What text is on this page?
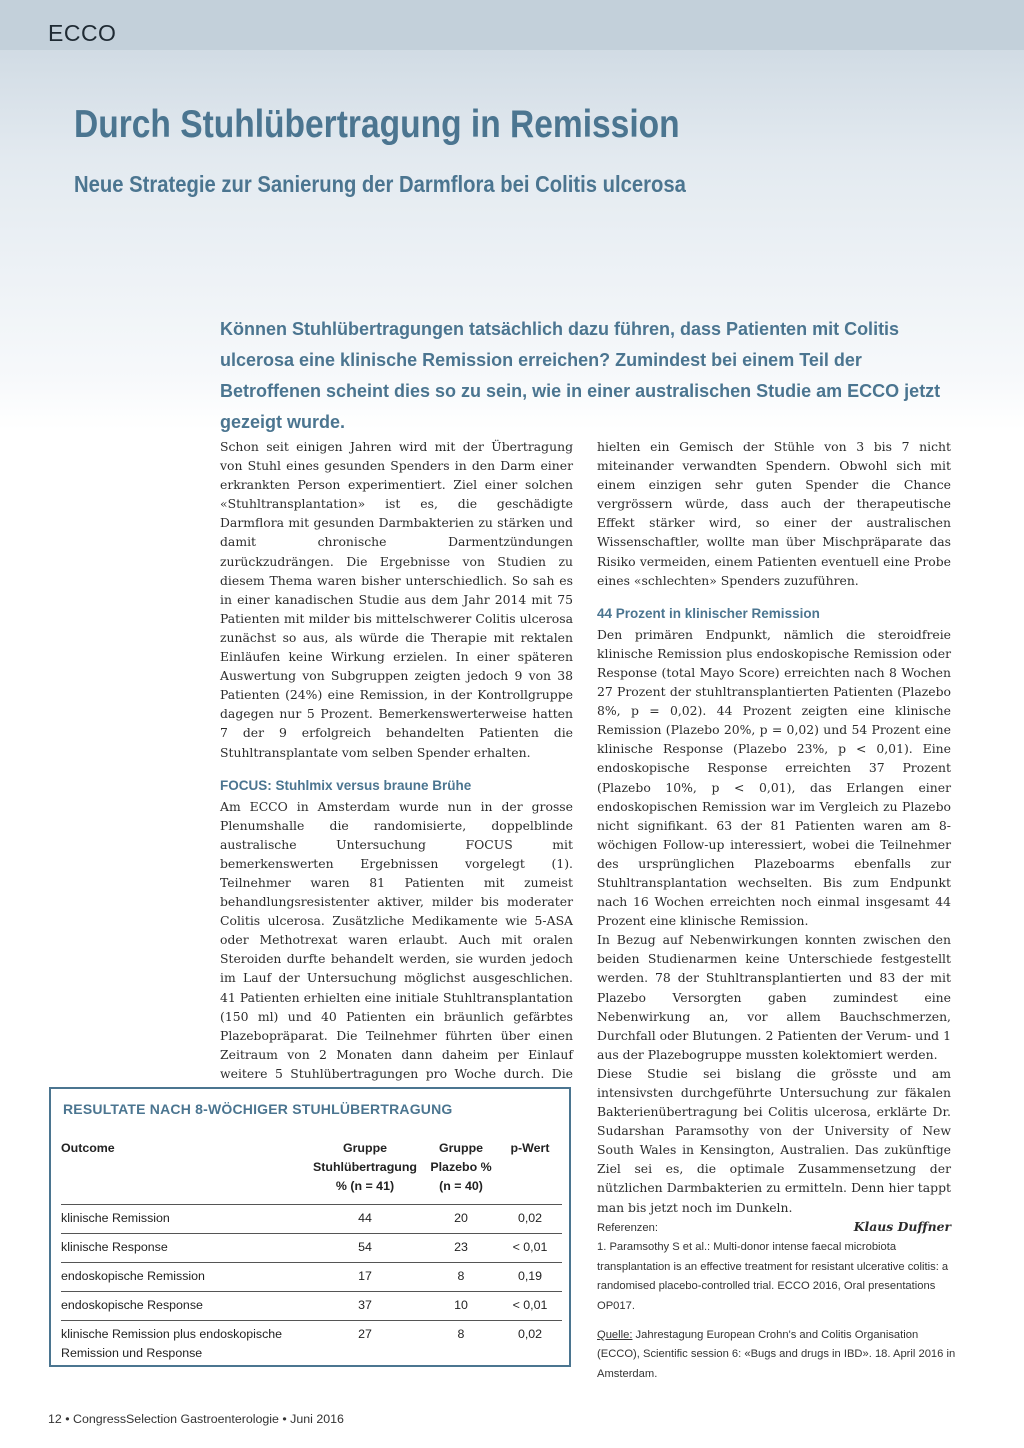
ECCO
Durch Stuhlübertragung in Remission
Neue Strategie zur Sanierung der Darmflora bei Colitis ulcerosa

Können Stuhlübertragungen tatsächlich dazu führen, dass Patienten mit Colitis ulcerosa eine klinische Remission erreichen? Zumindest bei einem Teil der Betroffenen scheint dies so zu sein, wie in einer australischen Studie am ECCO jetzt gezeigt wurde.

Schon seit einigen Jahren wird mit der Übertragung von Stuhl eines gesunden Spenders in den Darm einer erkrankten Person experimentiert. Ziel einer solchen «Stuhltransplantation» ist es, die geschädigte Darmflora mit gesunden Darmbakterien zu stärken und damit chronische Darmentzündungen zurückzudrängen. Die Ergebnisse von Studien zu diesem Thema waren bisher unterschiedlich. So sah es in einer kanadischen Studie aus dem Jahr 2014 mit 75 Patienten mit milder bis mittelschwerer Colitis ulcerosa zunächst so aus, als würde die Therapie mit rektalen Einläufen keine Wirkung erzielen. In einer späteren Auswertung von Subgruppen zeigten jedoch 9 von 38 Patienten (24%) eine Remission, in der Kontrollgruppe dagegen nur 5 Prozent. Bemerkenswerterweise hatten 7 der 9 erfolgreich behandelten Patienten die Stuhltransplantate vom selben Spender erhalten.

FOCUS: Stuhlmix versus braune Brühe

Am ECCO in Amsterdam wurde nun in der grosse Plenumshalle die randomisierte, doppelblinde australische Untersuchung FOCUS mit bemerkenswerten Ergebnissen vorgelegt (1). Teilnehmer waren 81 Patienten mit zumeist behandlungsresistenter aktiver, milder bis moderater Colitis ulcerosa. Zusätzliche Medikamente wie 5-ASA oder Methotrexat waren erlaubt. Auch mit oralen Steroiden durfte behandelt werden, sie wurden jedoch im Lauf der Untersuchung möglichst ausgeschlichen. 41 Patienten erhielten eine initiale Stuhltransplantation (150 ml) und 40 Patienten ein bräunlich gefärbtes Plazebopräparat. Die Teilnehmer führten über einen Zeitraum von 2 Monaten dann daheim per Einlauf weitere 5 Stuhlübertragungen pro Woche durch. Die

hielten ein Gemisch der Stühle von 3 bis 7 nicht miteinander verwandten Spendern. Obwohl sich mit einem einzigen sehr guten Spender die Chance vergrössern würde, dass auch der therapeutische Effekt stärker wird, so einer der australischen Wissenschaftler, wollte man über Mischpräparate das Risiko vermeiden, einem Patienten eventuell eine Probe eines «schlechten» Spenders zuzuführen.

44 Prozent in klinischer Remission

Den primären Endpunkt, nämlich die steroidfreie klinische Remission plus endoskopische Remission oder Response (total Mayo Score) erreichten nach 8 Wochen 27 Prozent der stuhltransplantierten Patienten (Plazebo 8%, p = 0,02). 44 Prozent zeigten eine klinische Remission (Plazebo 20%, p = 0,02) und 54 Prozent eine klinische Response (Plazebo 23%, p < 0,01). Eine endoskopische Response erreichten 37 Prozent (Plazebo 10%, p < 0,01), das Erlangen einer endoskopischen Remission war im Vergleich zu Plazebo nicht signifikant. 63 der 81 Patienten waren am 8-wöchigen Follow-up interessiert, wobei die Teilnehmer des ursprünglichen Plazeboarms ebenfalls zur Stuhltransplantation wechselten. Bis zum Endpunkt nach 16 Wochen erreichten noch einmal insgesamt 44 Prozent eine klinische Remission.

In Bezug auf Nebenwirkungen konnten zwischen den beiden Studienarmen keine Unterschiede festgestellt werden. 78 der Stuhltransplantierten und 83 der mit Plazebo Versorgten gaben zumindest eine Nebenwirkung an, vor allem Bauchschmerzen, Durchfall oder Blutungen. 2 Patienten der Verum- und 1 aus der Plazebogruppe mussten kolektomiert werden.

Diese Studie sei bislang die grösste und am intensivsten durchgeführte Untersuchung zur fäkalen Bakterienübertragung bei Colitis ulcerosa, erklärte Dr. Sudarshan Paramsothy von der University of New South Wales in Kensington, Australien. Das zukünftige Ziel sei es, die optimale Zusammensetzung der nützlichen Darmbakterien zu ermitteln. Denn hier tappt man bis jetzt noch im Dunkeln.

Klaus Duffner

Referenzen:

1. Paramsothy S et al.: Multi-donor intense faecal microbiota transplantation is an effective treatment for resistant ulcerative colitis: a randomised placebo-controlled trial. ECCO 2016, Oral presentations OP017.

Quelle: Jahrestagung European Crohn's and Colitis Organisation (ECCO), Scientific session 6: «Bugs and drugs in IBD». 18. April 2016 in Amsterdam.

RESULTATE NACH 8-WÖCHIGER STUHLÜBERTRAGUNG
Outcome	Gruppe Stuhlübertragung % (n = 41)	Gruppe Plazebo % (n = 40)	p-Wert
klinische Remission	44	20	0,02
klinische Response	54	23	< 0,01
endoskopische Remission	17	8	0,19
endoskopische Response	37	10	< 0,01
klinische Remission plus endoskopische Remission und Response	27	8	0,02
12 • CongressSelection Gastroenterologie • Juni 2016
